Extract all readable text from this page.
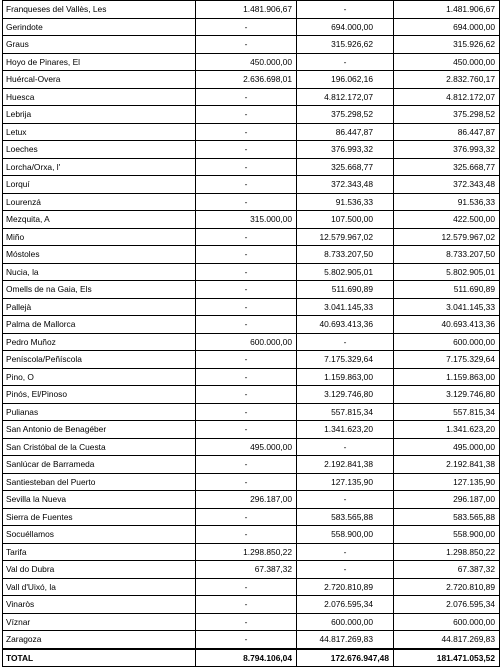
Franqueses del Vallès, Les	1.481.906,67	-	1.481.906,67
Gerindote	-	694.000,00	694.000,00
Graus	-	315.926,62	315.926,62
Hoyo de Pinares, El	450.000,00	-	450.000,00
Huércal-Overa	2.636.698,01	196.062,16	2.832.760,17
Huesca	-	4.812.172,07	4.812.172,07
Lebrija	-	375.298,52	375.298,52
Letux	-	86.447,87	86.447,87
Loeches	-	376.993,32	376.993,32
Lorcha/Orxa, l'	-	325.668,77	325.668,77
Lorquí	-	372.343,48	372.343,48
Lourenzá	-	91.536,33	91.536,33
Mezquita, A	315.000,00	107.500,00	422.500,00
Miño	-	12.579.967,02	12.579.967,02
Móstoles	-	8.733.207,50	8.733.207,50
Nucia, la	-	5.802.905,01	5.802.905,01
Omells de na Gaia, Els	-	511.690,89	511.690,89
Pallejà	-	3.041.145,33	3.041.145,33
Palma de Mallorca	-	40.693.413,36	40.693.413,36
Pedro Muñoz	600.000,00	-	600.000,00
Peníscola/Peñíscola	-	7.175.329,64	7.175.329,64
Pino, O	-	1.159.863,00	1.159.863,00
Pinós, El/Pinoso	-	3.129.746,80	3.129.746,80
Pulianas	-	557.815,34	557.815,34
San Antonio de Benagéber	-	1.341.623,20	1.341.623,20
San Cristóbal de la Cuesta	495.000,00	-	495.000,00
Sanlúcar de Barrameda	-	2.192.841,38	2.192.841,38
Santiesteban del Puerto	-	127.135,90	127.135,90
Sevilla la Nueva	296.187,00	-	296.187,00
Sierra de Fuentes	-	583.565,88	583.565,88
Socuéllamos	-	558.900,00	558.900,00
Tarifa	1.298.850,22	-	1.298.850,22
Val do Dubra	67.387,32	-	67.387,32
Vall d'Uixó, la	-	2.720.810,89	2.720.810,89
Vinaròs	-	2.076.595,34	2.076.595,34
Víznar	-	600.000,00	600.000,00
Zaragoza	-	44.817.269,83	44.817.269,83
TOTAL	8.794.106,04	172.676.947,48	181.471.053,52
